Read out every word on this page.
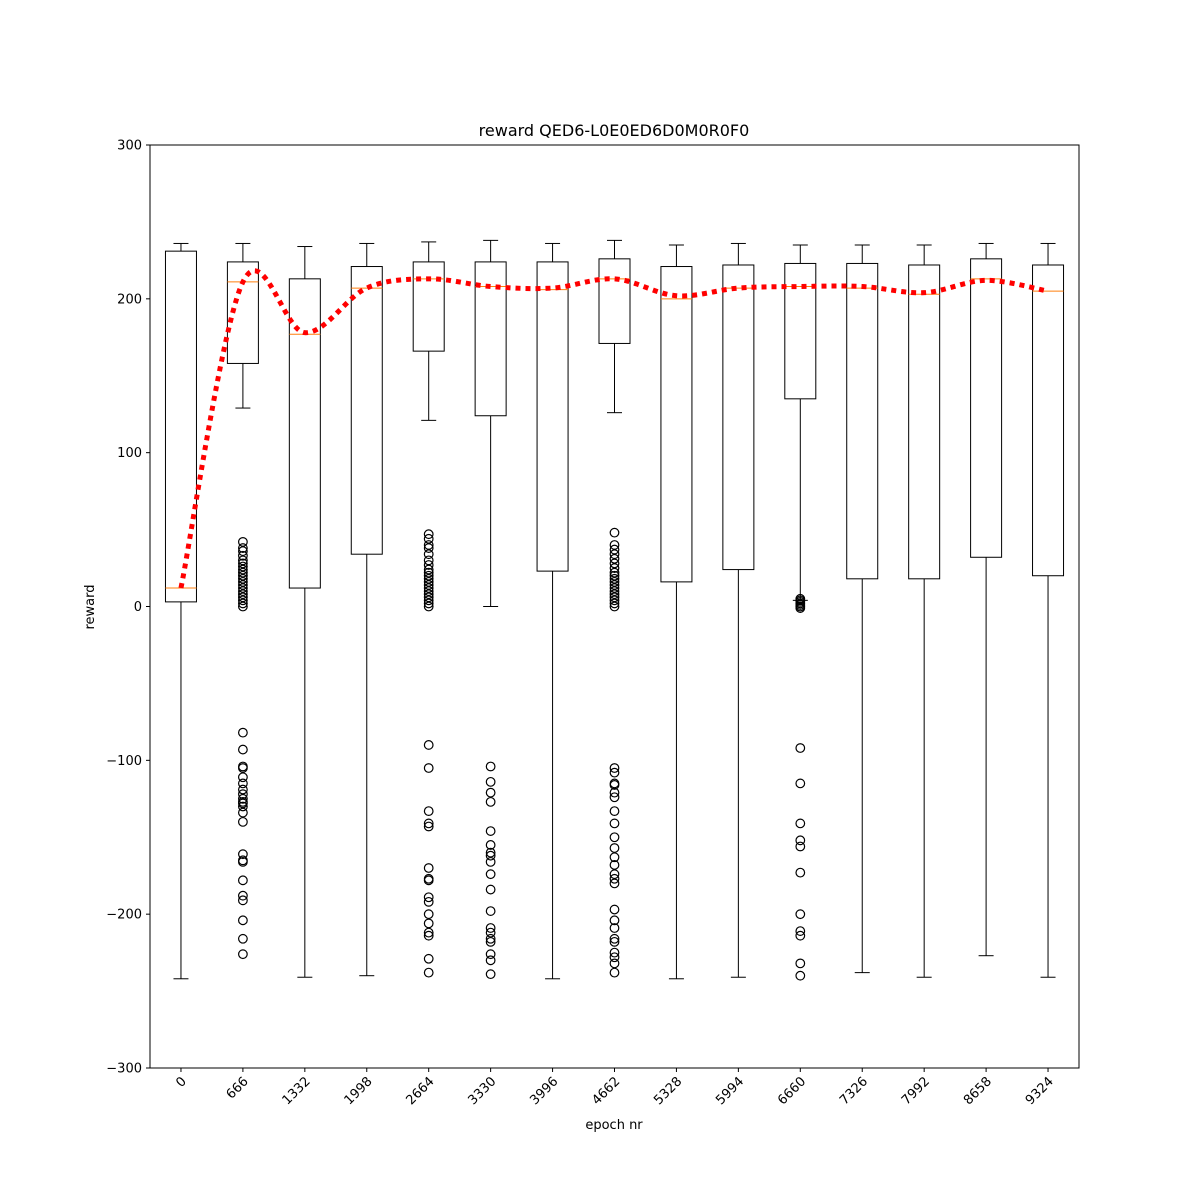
reward QED6-L0E0ED6D0M0R0F0
epoch nr
reward
−300
−200
−100
0
100
200
300
0	666 1332 1998 2664 3330 3996 4662 5328 5994 6660 7326 7992 8658 9324
